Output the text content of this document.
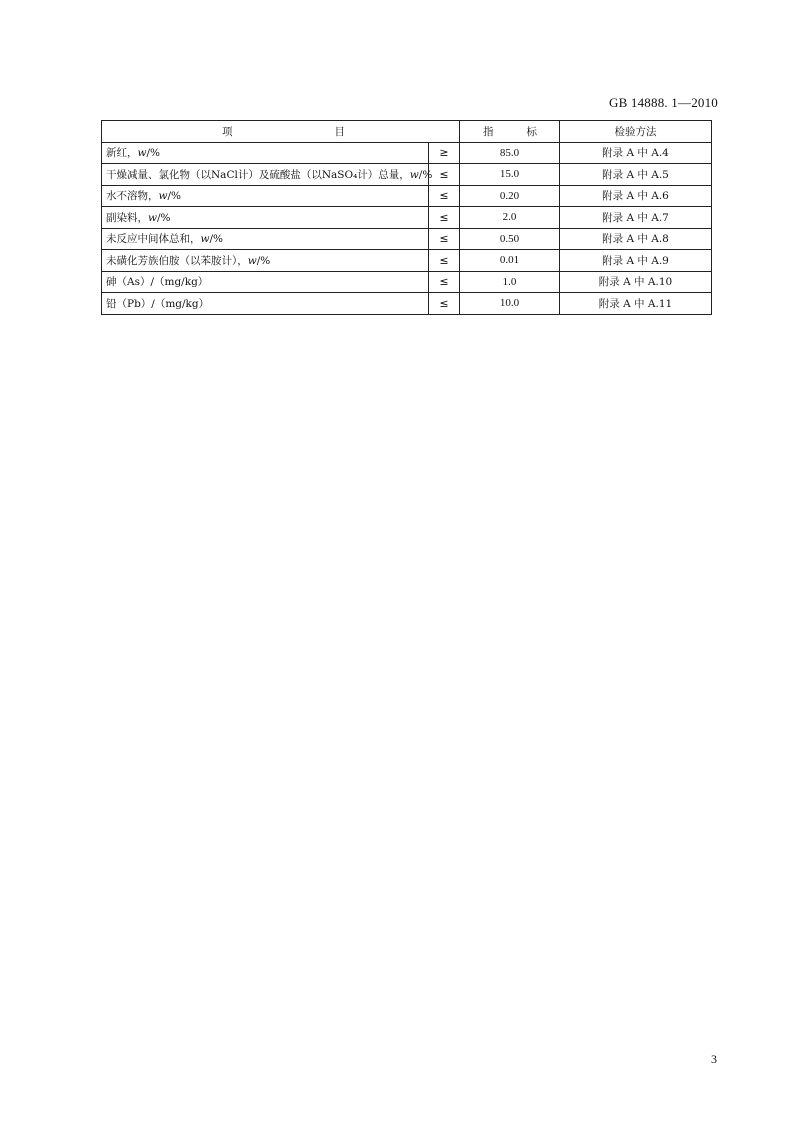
GB 14888. 1—2010
项 目		指 标	检验方法
新红，w/%	≥	85.0	附录 A 中 A.4
干燥减量、氯化物（以NaCl计）及硫酸盐（以NaSO₄计）总量，w/%	≤	15.0	附录 A 中 A.5
水不溶物，w/%	≤	0.20	附录 A 中 A.6
副染料，w/%	≤	2.0	附录 A 中 A.7
未反应中间体总和，w/%	≤	0.50	附录 A 中 A.8
未磺化芳族伯胺（以苯胺计），w/%	≤	0.01	附录 A 中 A.9
砷（As）/（mg/kg）	≤	1.0	附录 A 中 A.10
铅（Pb）/（mg/kg）	≤	10.0	附录 A 中 A.11
3
